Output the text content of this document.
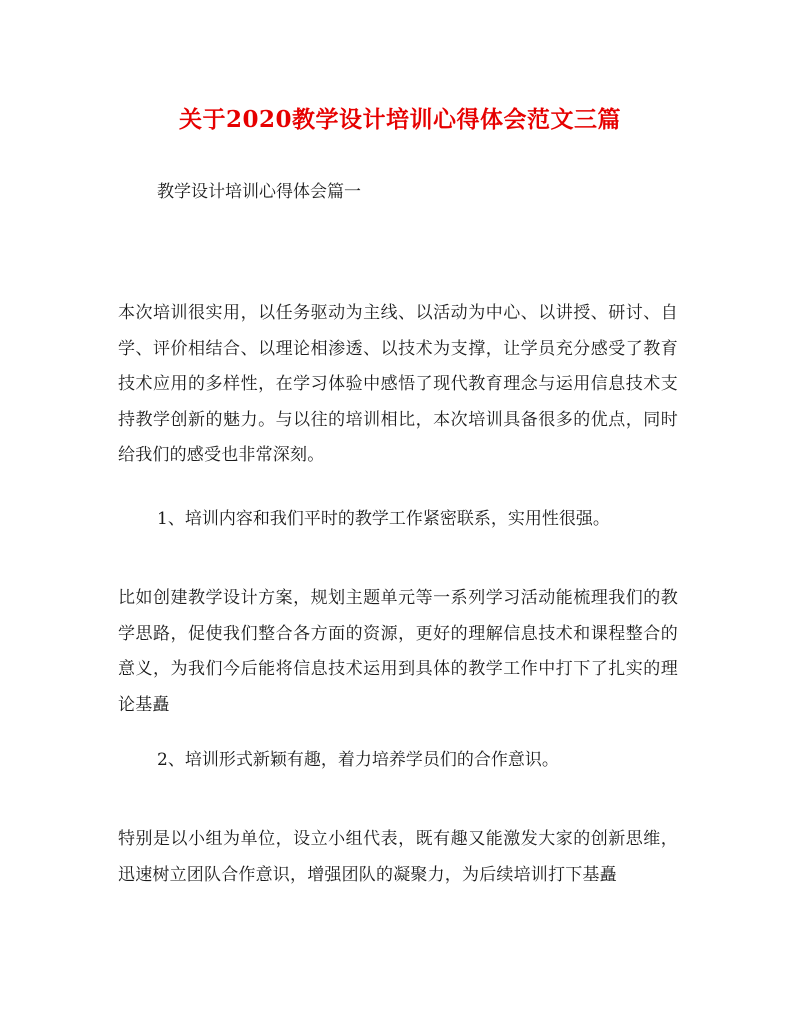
关于2020教学设计培训心得体会范文三篇
教学设计培训心得体会篇一
本次培训很实用，以任务驱动为主线、以活动为中心、以讲授、研讨、自学、评价相结合、以理论相渗透、以技术为支撑，让学员充分感受了教育技术应用的多样性，在学习体验中感悟了现代教育理念与运用信息技术支持教学创新的魅力。与以往的培训相比，本次培训具备很多的优点，同时给我们的感受也非常深刻。
1、培训内容和我们平时的教学工作紧密联系，实用性很强。
比如创建教学设计方案，规划主题单元等一系列学习活动能梳理我们的教学思路，促使我们整合各方面的资源，更好的理解信息技术和课程整合的意义，为我们今后能将信息技术运用到具体的教学工作中打下了扎实的理论基矗
2、培训形式新颖有趣，着力培养学员们的合作意识。
特别是以小组为单位，设立小组代表，既有趣又能激发大家的创新思维，迅速树立团队合作意识，增强团队的凝聚力，为后续培训打下基矗
